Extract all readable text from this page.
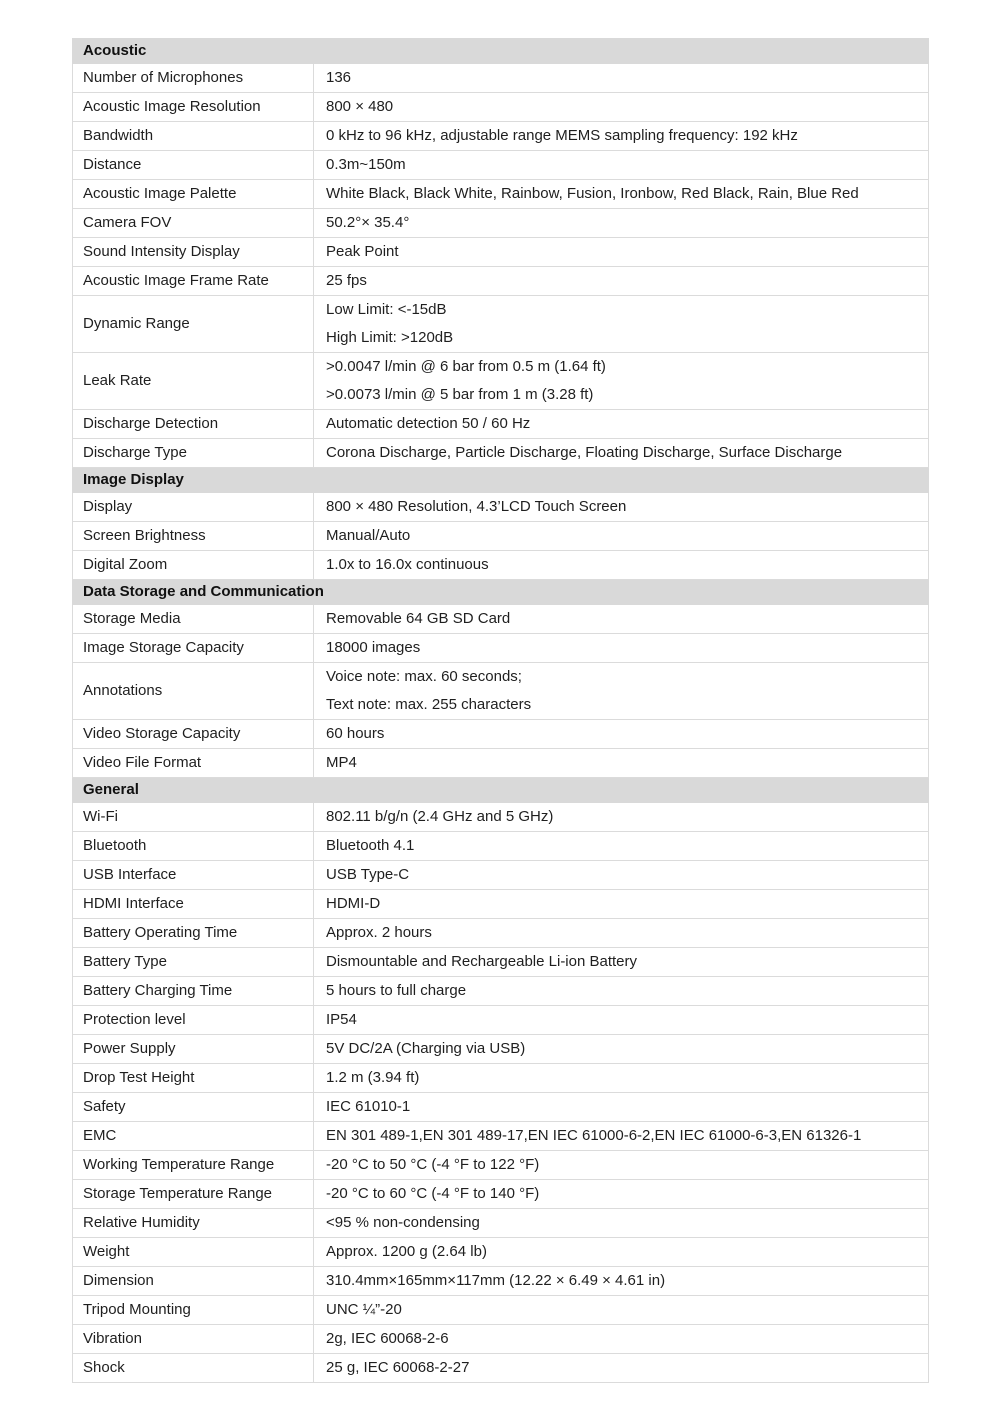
Acoustic	

Number of Microphones	136

Acoustic Image Resolution	800 × 480

Bandwidth	0 kHz to 96 kHz, adjustable range MEMS sampling frequency: 192 kHz

Distance	0.3m~150m

Acoustic Image Palette	White Black, Black White, Rainbow, Fusion, Ironbow, Red Black, Rain, Blue Red

Camera FOV	50.2°× 35.4°

Sound Intensity Display	Peak Point

Acoustic Image Frame Rate	25 fps

Dynamic Range	Low Limit: <-15dB
High Limit: >120dB

Leak Rate	>0.0047 l/min @ 6 bar from 0.5 m (1.64 ft)
>0.0073 l/min @ 5 bar from 1 m (3.28 ft)

Discharge Detection	Automatic detection 50 / 60 Hz

Discharge Type	Corona Discharge, Particle Discharge, Floating Discharge, Surface Discharge

Image Display	

Display	800 × 480 Resolution, 4.3’LCD Touch Screen

Screen Brightness	Manual/Auto

Digital Zoom	1.0x to 16.0x continuous

Data Storage and Communication	

Storage Media	Removable 64 GB SD Card

Image Storage Capacity	18000 images

Annotations	Voice note: max. 60 seconds;
Text note: max. 255 characters

Video Storage Capacity	60 hours

Video File Format	MP4

General	

Wi-Fi	802.11 b/g/n (2.4 GHz and 5 GHz)

Bluetooth	Bluetooth 4.1

USB Interface	USB Type-C

HDMI Interface	HDMI-D

Battery Operating Time	Approx. 2 hours

Battery Type	Dismountable and Rechargeable Li-ion Battery

Battery Charging Time	5 hours to full charge

Protection level	IP54

Power Supply	5V DC/2A (Charging via USB)

Drop Test Height	1.2 m (3.94 ft)

Safety	IEC 61010-1

EMC	EN 301 489-1,EN 301 489-17,EN IEC 61000-6-2,EN IEC 61000-6-3,EN 61326-1

Working Temperature Range	-20 °C to 50 °C (-4 °F to 122 °F)

Storage Temperature Range	-20 °C to 60 °C (-4 °F to 140 °F)

Relative Humidity	<95 % non-condensing

Weight	Approx. 1200 g (2.64 lb)

Dimension	310.4mm×165mm×117mm (12.22 × 6.49 × 4.61 in)

Tripod Mounting	UNC ¼”-20

Vibration	2g, IEC 60068-2-6

Shock	25 g, IEC 60068-2-27
